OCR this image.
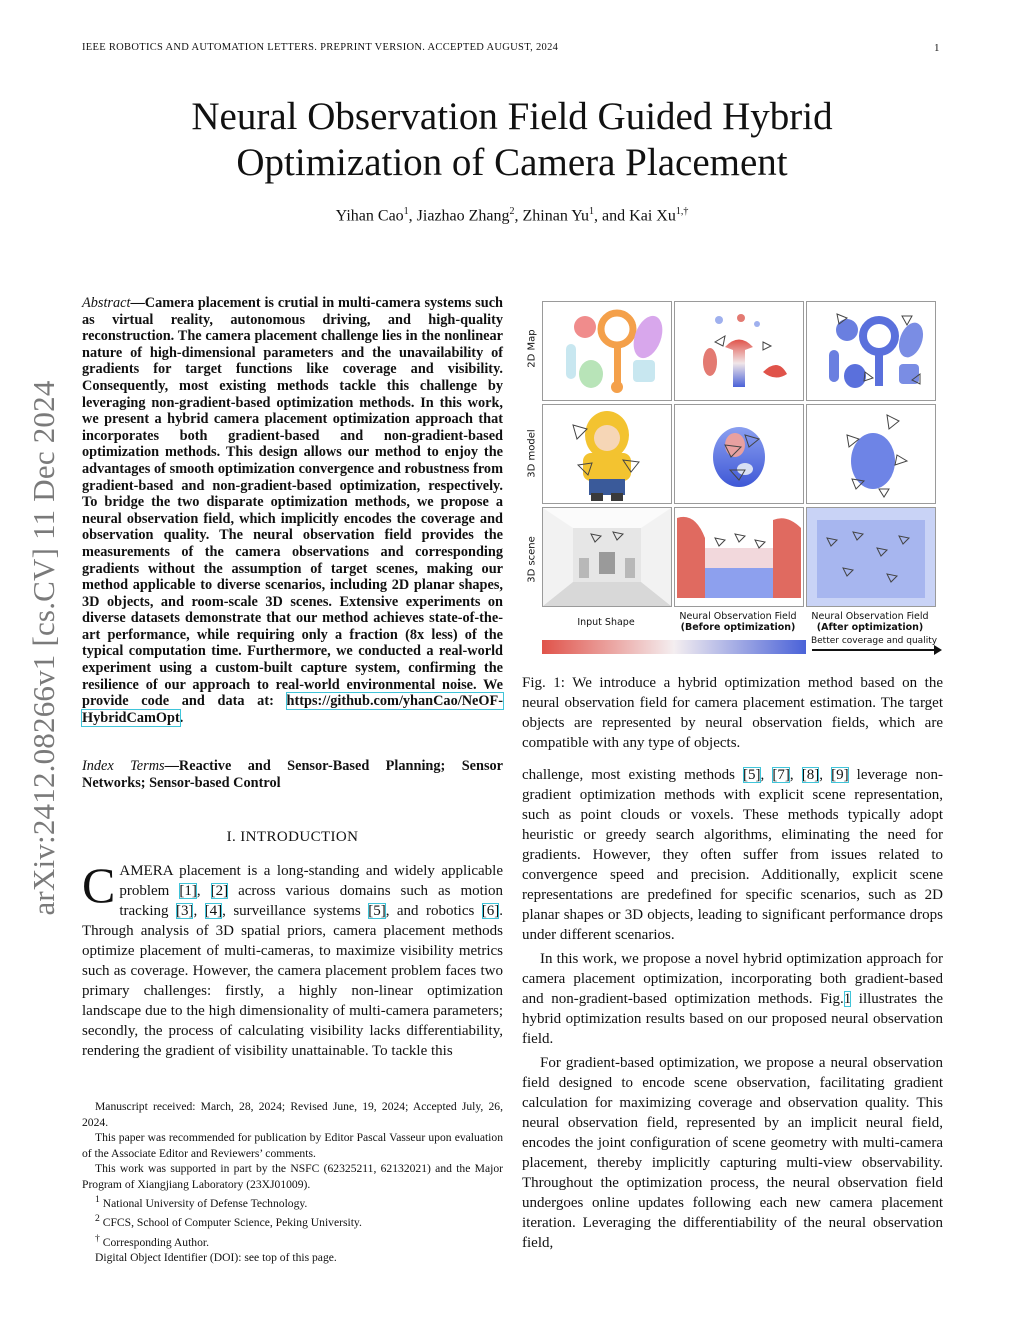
arXiv:2412.08266v1 [cs.CV] 11 Dec 2024
IEEE ROBOTICS AND AUTOMATION LETTERS. PREPRINT VERSION. ACCEPTED AUGUST, 2024	1
Neural Observation Field Guided Hybrid
Optimization of Camera Placement
Yihan Cao$^1$, Jiazhao Zhang$^2$, Zhinan Yu$^1$, and Kai $Xu^{1,\dagger}$
Abstract—Camera placement is crutial in multi-camera systems such as virtual reality, autonomous driving, and high-quality reconstruction. The camera placement challenge lies in the nonlinear nature of high-dimensional parameters and the unavailability of gradients for target functions like coverage and visibility. Consequently, most existing methods tackle this challenge by leveraging non-gradient-based optimization methods. In this work, we present a hybrid camera placement optimization approach that incorporates both gradient-based and non-gradient-based optimization methods. This design allows our method to enjoy the advantages of smooth optimization convergence and robustness from gradient-based and non-gradient-based optimization, respectively. To bridge the two disparate optimization methods, we propose a neural observation field, which implicitly encodes the coverage and observation quality. The neural observation field provides the measurements of the camera observations and corresponding gradients without the assumption of target scenes, making our method applicable to diverse scenarios, including 2D planar shapes, 3D objects, and room-scale 3D scenes. Extensive experiments on diverse datasets demonstrate that our method achieves state-of-the-art performance, while requiring only a fraction (8x less) of the typical computation time. Furthermore, we conducted a real-world experiment using a custom-built capture system, confirming the resilience of our approach to real-world environmental noise. We provide code and data at: https://github.com/yhanCao/NeOF-HybridCamOpt.
Index Terms—Reactive and Sensor-Based Planning; Sensor Networks; Sensor-based Control
I. INTRODUCTION
CAMERA placement is a long-standing and widely applicable problem [1], [2] across various domains such as motion tracking [3], [4], surveillance systems [5], and robotics [6]. Through analysis of 3D spatial priors, camera placement methods optimize placement of multi-cameras, to maximize visibility metrics such as coverage. However, the camera placement problem faces two primary challenges: firstly, a highly non-linear optimization landscape due to the high dimensionality of multi-camera parameters; secondly, the process of calculating visibility lacks differentiability, rendering the gradient of visibility unattainable. To tackle this

Manuscript received: March, 28, 2024; Revised June, 19, 2024; Accepted July, 26, 2024.

This paper was recommended for publication by Editor Pascal Vasseur upon evaluation of the Associate Editor and Reviewers’ comments.

This work was supported in part by the NSFC (62325211, 62132021) and the Major Program of Xiangjiang Laboratory (23XJ01009).

$^1$ National University of Defense Technology.

$^2$ CFCS, School of Computer Science, Peking University.

† Corresponding Author.

Digital Object Identifier (DOI): see top of this page.

2D Map
3D model
3D scene
Input Shape
Neural Observation Field
(Before optimization)
Neural Observation Field
(After optimization)
Better coverage and quality
Fig. 1: We introduce a hybrid optimization method based on the neural observation field for camera placement estimation. The target objects are represented by neural observation fields, which are compatible with any type of objects.
challenge, most existing methods [5], [7], [8], [9] leverage non-gradient optimization methods with explicit scene representation, such as point clouds or voxels. These methods typically adopt heuristic or greedy search algorithms, eliminating the need for gradients. However, they often suffer from issues related to convergence speed and precision. Additionally, explicit scene representations are predefined for specific scenarios, such as 2D planar shapes or 3D objects, leading to significant performance drops under different scenarios.
In this work, we propose a novel hybrid optimization approach for camera placement optimization, incorporating both gradient-based and non-gradient-based optimization methods. Fig.1 illustrates the hybrid optimization results based on our proposed neural observation field.
For gradient-based optimization, we propose a neural observation field designed to encode scene observation, facilitating gradient calculation for maximizing coverage and observation quality. This neural observation field, represented by an implicit neural field, encodes the joint configuration of scene geometry with multi-camera placement, thereby implicitly capturing multi-view observability. Throughout the optimization process, the neural observation field undergoes online updates following each new camera placement iteration. Leveraging the differentiability of the neural observation field,
